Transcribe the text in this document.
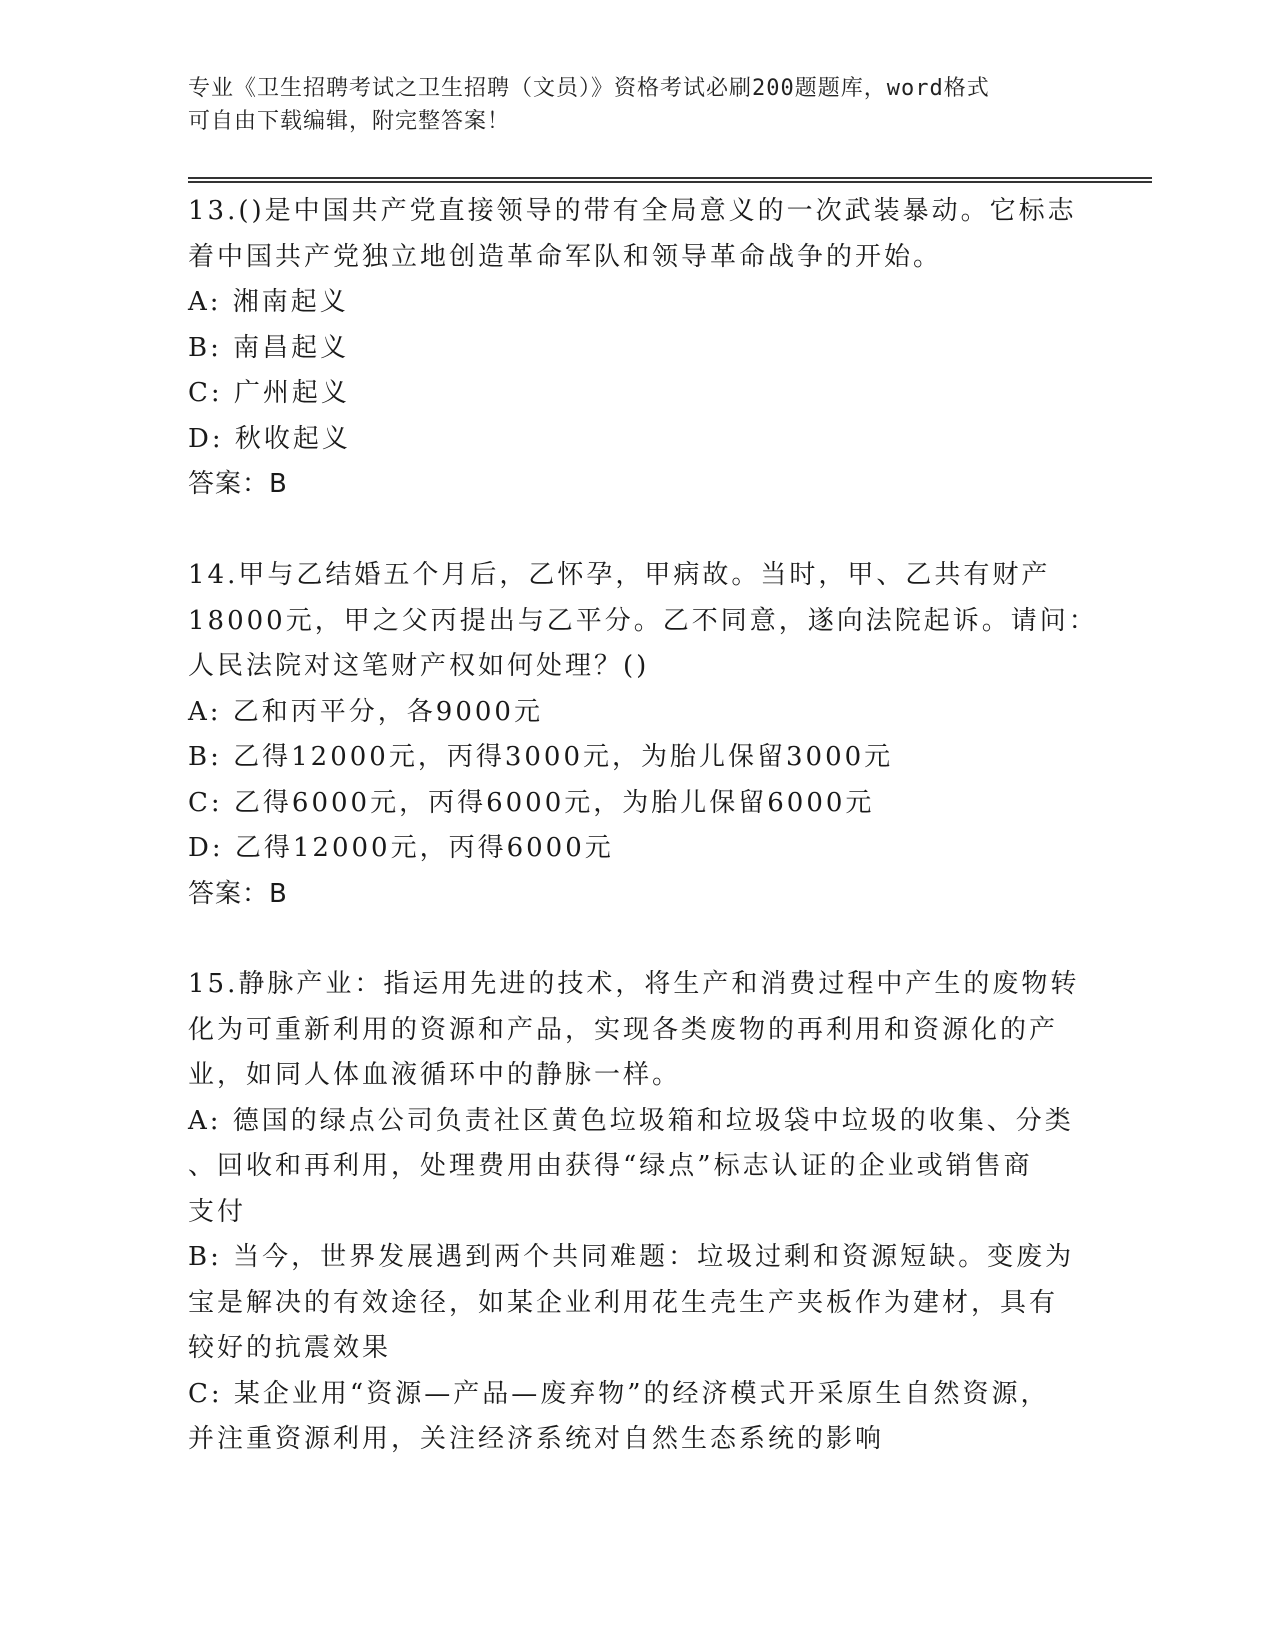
专业《卫生招聘考试之卫生招聘（文员）》资格考试必刷200题题库，word格式
可自由下载编辑，附完整答案！
13.()是中国共产党直接领导的带有全局意义的一次武装暴动。它标志
着中国共产党独立地创造革命军队和领导革命战争的开始。
A: 湘南起义
B: 南昌起义
C: 广州起义
D: 秋收起义
答案：B
14.甲与乙结婚五个月后，乙怀孕，甲病故。当时，甲、乙共有财产
18000元，甲之父丙提出与乙平分。乙不同意，遂向法院起诉。请问：
人民法院对这笔财产权如何处理？()
A: 乙和丙平分，各9000元
B: 乙得12000元，丙得3000元，为胎儿保留3000元
C: 乙得6000元，丙得6000元，为胎儿保留6000元
D: 乙得12000元，丙得6000元
答案：B
15.静脉产业：指运用先进的技术，将生产和消费过程中产生的废物转
化为可重新利用的资源和产品，实现各类废物的再利用和资源化的产
业，如同人体血液循环中的静脉一样。
A: 德国的绿点公司负责社区黄色垃圾箱和垃圾袋中垃圾的收集、分类
、回收和再利用，处理费用由获得“绿点”标志认证的企业或销售商
支付
B: 当今，世界发展遇到两个共同难题：垃圾过剩和资源短缺。变废为
宝是解决的有效途径，如某企业利用花生壳生产夹板作为建材，具有
较好的抗震效果
C: 某企业用“资源—产品—废弃物”的经济模式开采原生自然资源，
并注重资源利用，关注经济系统对自然生态系统的影响
